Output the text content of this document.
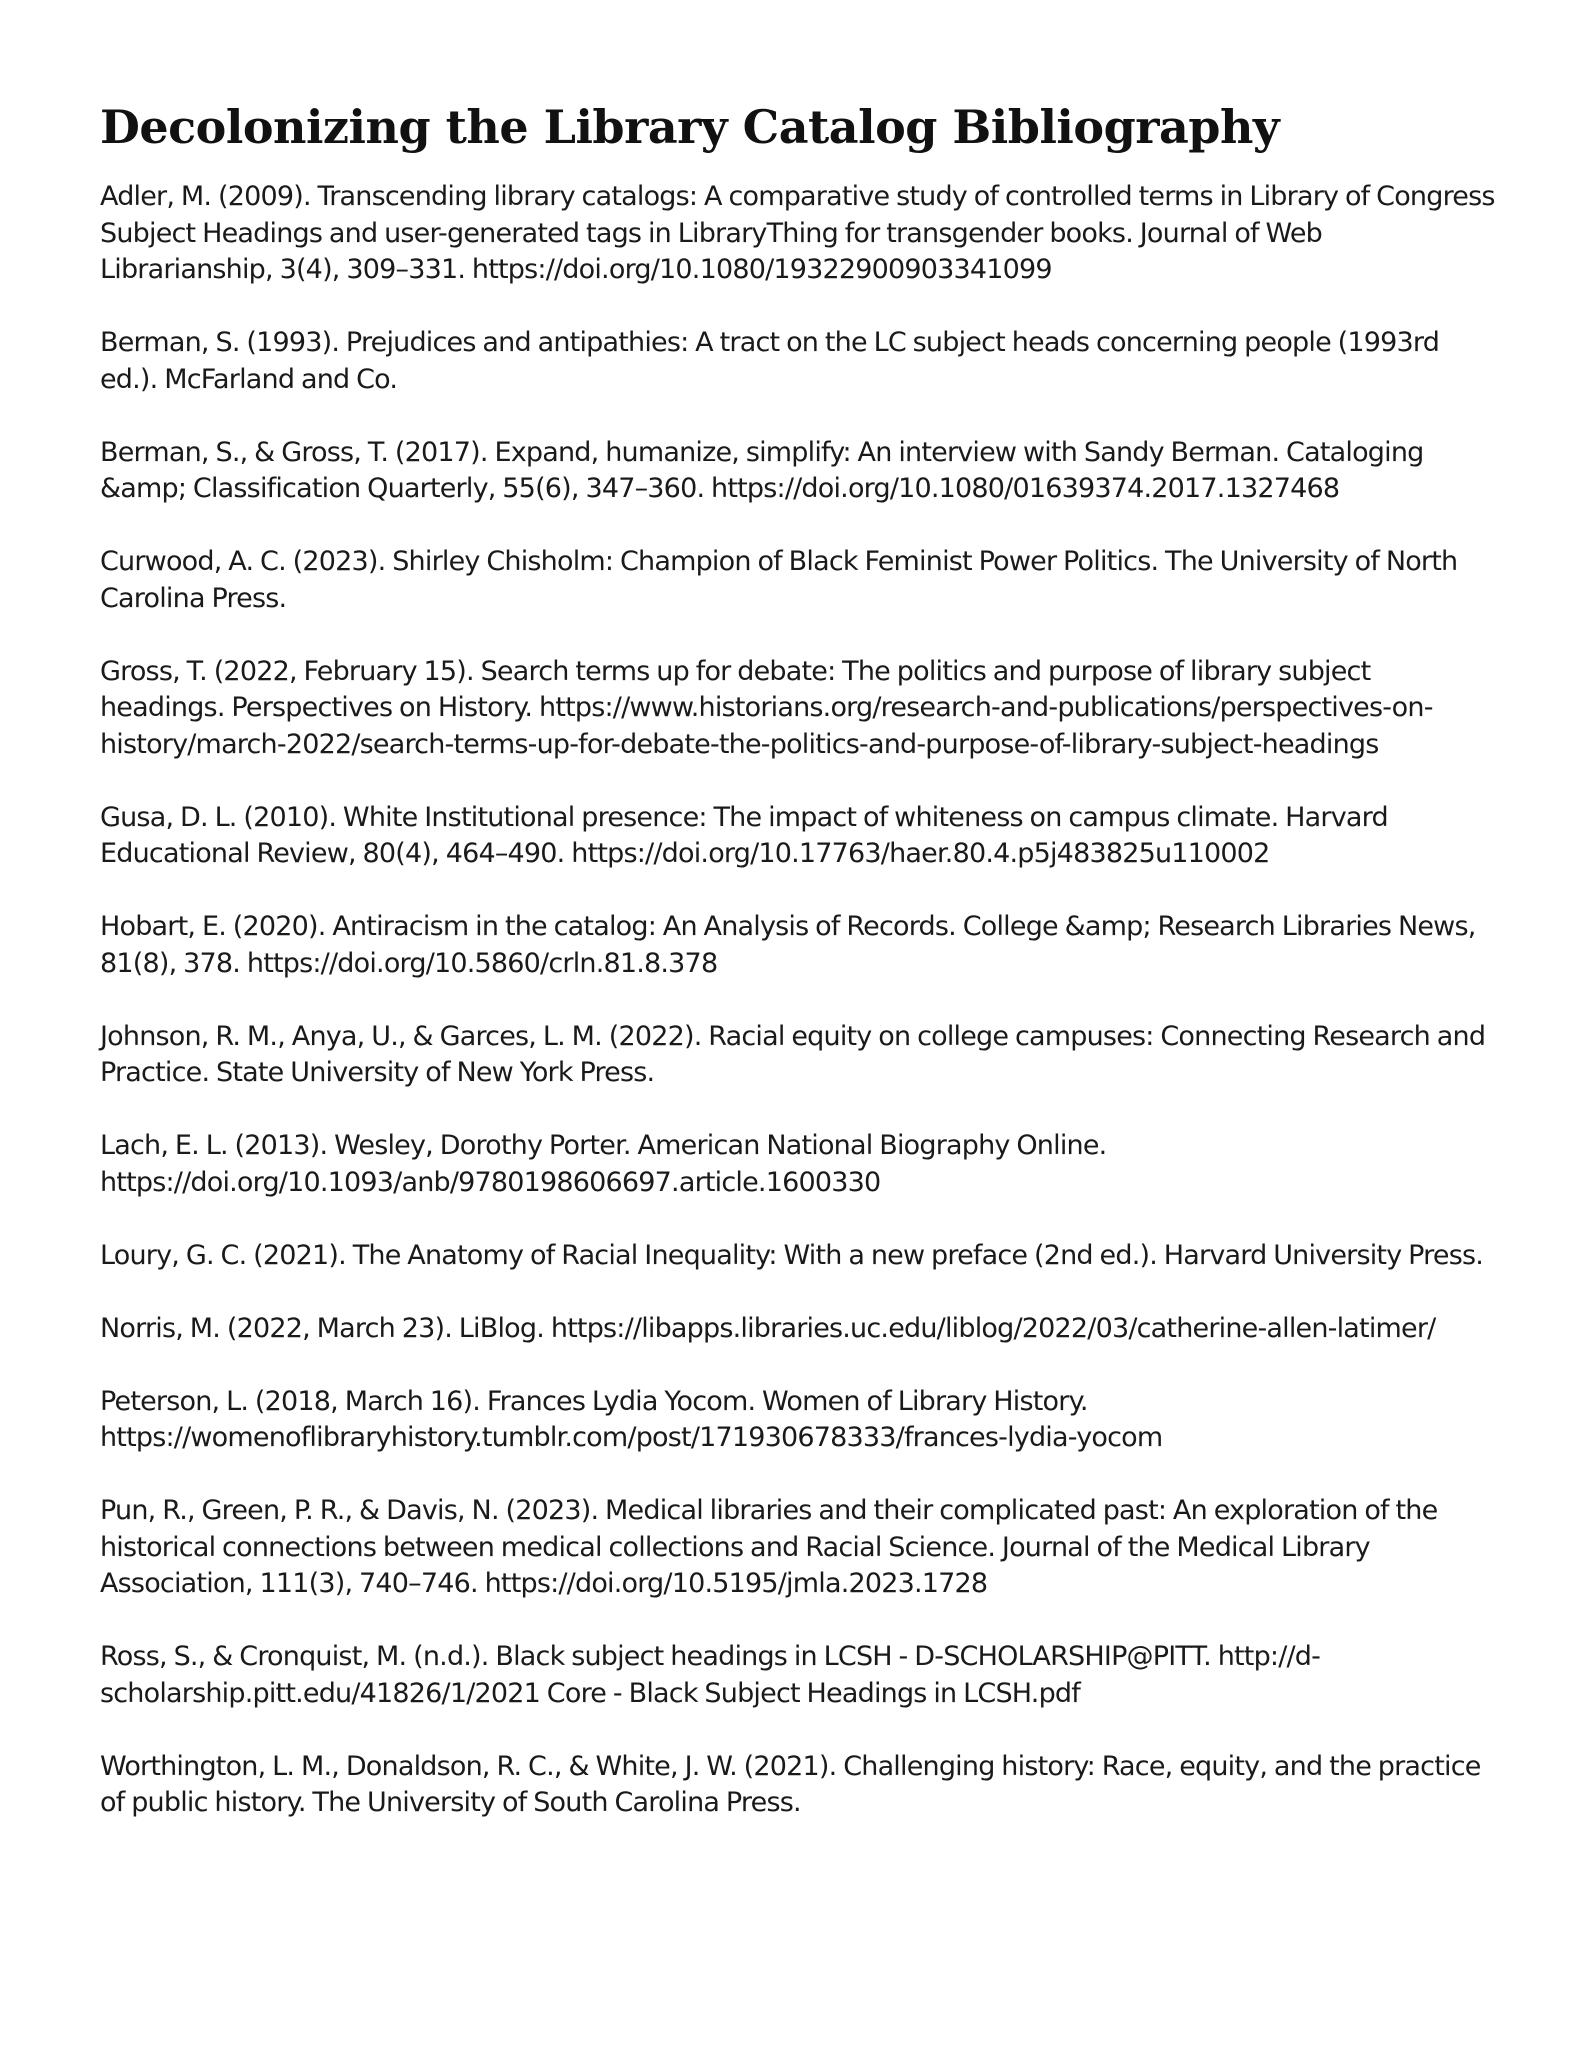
Decolonizing the Library Catalog Bibliography
Adler, M. (2009). Transcending library catalogs: A comparative study of controlled terms in Library of Congress Subject Headings and user-generated tags in LibraryThing for transgender books. Journal of Web Librarianship, 3(4), 309–331. https://doi.org/10.1080/19322900903341099
Berman, S. (1993). Prejudices and antipathies: A tract on the LC subject heads concerning people (1993rd ed.). McFarland and Co.
Berman, S., & Gross, T. (2017). Expand, humanize, simplify: An interview with Sandy Berman. Cataloging &amp; Classification Quarterly, 55(6), 347–360. https://doi.org/10.1080/01639374.2017.1327468
Curwood, A. C. (2023). Shirley Chisholm: Champion of Black Feminist Power Politics. The University of North Carolina Press.
Gross, T. (2022, February 15). Search terms up for debate: The politics and purpose of library subject headings. Perspectives on History. https://www.historians.org/research-and-publications/perspectives-on-history/march-2022/search-terms-up-for-debate-the-politics-and-purpose-of-library-subject-headings
Gusa, D. L. (2010). White Institutional presence: The impact of whiteness on campus climate. Harvard Educational Review, 80(4), 464–490. https://doi.org/10.17763/haer.80.4.p5j483825u110002
Hobart, E. (2020). Antiracism in the catalog: An Analysis of Records. College &amp; Research Libraries News, 81(8), 378. https://doi.org/10.5860/crln.81.8.378
Johnson, R. M., Anya, U., & Garces, L. M. (2022). Racial equity on college campuses: Connecting Research and Practice. State University of New York Press.
Lach, E. L. (2013). Wesley, Dorothy Porter. American National Biography Online. https://doi.org/10.1093/anb/9780198606697.article.1600330
Loury, G. C. (2021). The Anatomy of Racial Inequality: With a new preface (2nd ed.). Harvard University Press.
Norris, M. (2022, March 23). LiBlog. https://libapps.libraries.uc.edu/liblog/2022/03/catherine-allen-latimer/
Peterson, L. (2018, March 16). Frances Lydia Yocom. Women of Library History. https://womenoflibraryhistory.tumblr.com/post/171930678333/frances-lydia-yocom
Pun, R., Green, P. R., & Davis, N. (2023). Medical libraries and their complicated past: An exploration of the historical connections between medical collections and Racial Science. Journal of the Medical Library Association, 111(3), 740–746. https://doi.org/10.5195/jmla.2023.1728
Ross, S., & Cronquist, M. (n.d.). Black subject headings in LCSH - D-SCHOLARSHIP@PITT. http://d-scholarship.pitt.edu/41826/1/2021 Core - Black Subject Headings in LCSH.pdf
Worthington, L. M., Donaldson, R. C., & White, J. W. (2021). Challenging history: Race, equity, and the practice of public history. The University of South Carolina Press.
